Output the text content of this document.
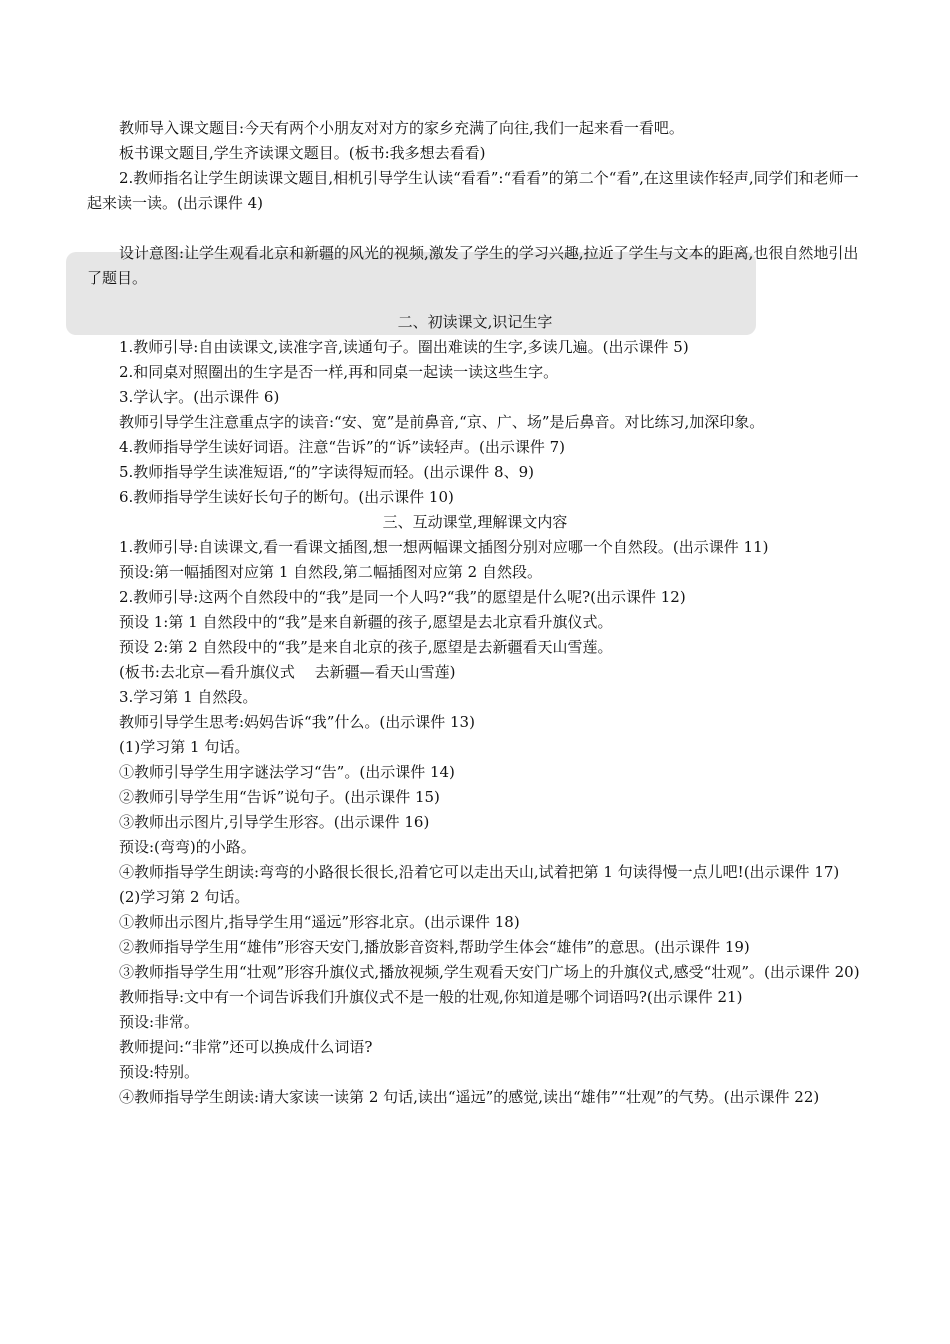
教师导入课文题目:今天有两个小朋友对对方的家乡充满了向往,我们一起来看一看吧。

板书课文题目,学生齐读课文题目。(板书:我多想去看看)

2.教师指名让学生朗读课文题目,相机引导学生认读“看看”:“看看”的第二个“看”,在这里读作轻声,同学们和老师一起来读一读。(出示课件 4)

设计意图:让学生观看北京和新疆的风光的视频,激发了学生的学习兴趣,拉近了学生与文本的距离,也很自然地引出了题目。

二、初读课文,识记生字

1.教师引导:自由读课文,读准字音,读通句子。圈出难读的生字,多读几遍。(出示课件 5)

2.和同桌对照圈出的生字是否一样,再和同桌一起读一读这些生字。

3.学认字。(出示课件 6)

教师引导学生注意重点字的读音:“安、宽”是前鼻音,“京、广、场”是后鼻音。对比练习,加深印象。

4.教师指导学生读好词语。注意“告诉”的“诉”读轻声。(出示课件 7)

5.教师指导学生读准短语,“的”字读得短而轻。(出示课件 8、9)

6.教师指导学生读好长句子的断句。(出示课件 10)

三、互动课堂,理解课文内容

1.教师引导:自读课文,看一看课文插图,想一想两幅课文插图分别对应哪一个自然段。(出示课件 11)

预设:第一幅插图对应第 1 自然段,第二幅插图对应第 2 自然段。

2.教师引导:这两个自然段中的“我”是同一个人吗?“我”的愿望是什么呢?(出示课件 12)

预设 1:第 1 自然段中的“我”是来自新疆的孩子,愿望是去北京看升旗仪式。

预设 2:第 2 自然段中的“我”是来自北京的孩子,愿望是去新疆看天山雪莲。

(板书:去北京—看升旗仪式　 去新疆—看天山雪莲)

3.学习第 1 自然段。

教师引导学生思考:妈妈告诉“我”什么。(出示课件 13)

(1)学习第 1 句话。

①教师引导学生用字谜法学习“告”。(出示课件 14)

②教师引导学生用“告诉”说句子。(出示课件 15)

③教师出示图片,引导学生形容。(出示课件 16)

预设:(弯弯)的小路。

④教师指导学生朗读:弯弯的小路很长很长,沿着它可以走出天山,试着把第 1 句读得慢一点儿吧!(出示课件 17)

(2)学习第 2 句话。

①教师出示图片,指导学生用“遥远”形容北京。(出示课件 18)

②教师指导学生用“雄伟”形容天安门,播放影音资料,帮助学生体会“雄伟”的意思。(出示课件 19)

③教师指导学生用“壮观”形容升旗仪式,播放视频,学生观看天安门广场上的升旗仪式,感受“壮观”。(出示课件 20)

教师指导:文中有一个词告诉我们升旗仪式不是一般的壮观,你知道是哪个词语吗?(出示课件 21)

预设:非常。

教师提问:“非常”还可以换成什么词语?

预设:特别。

④教师指导学生朗读:请大家读一读第 2 句话,读出“遥远”的感觉,读出“雄伟”“壮观”的气势。(出示课件 22)
